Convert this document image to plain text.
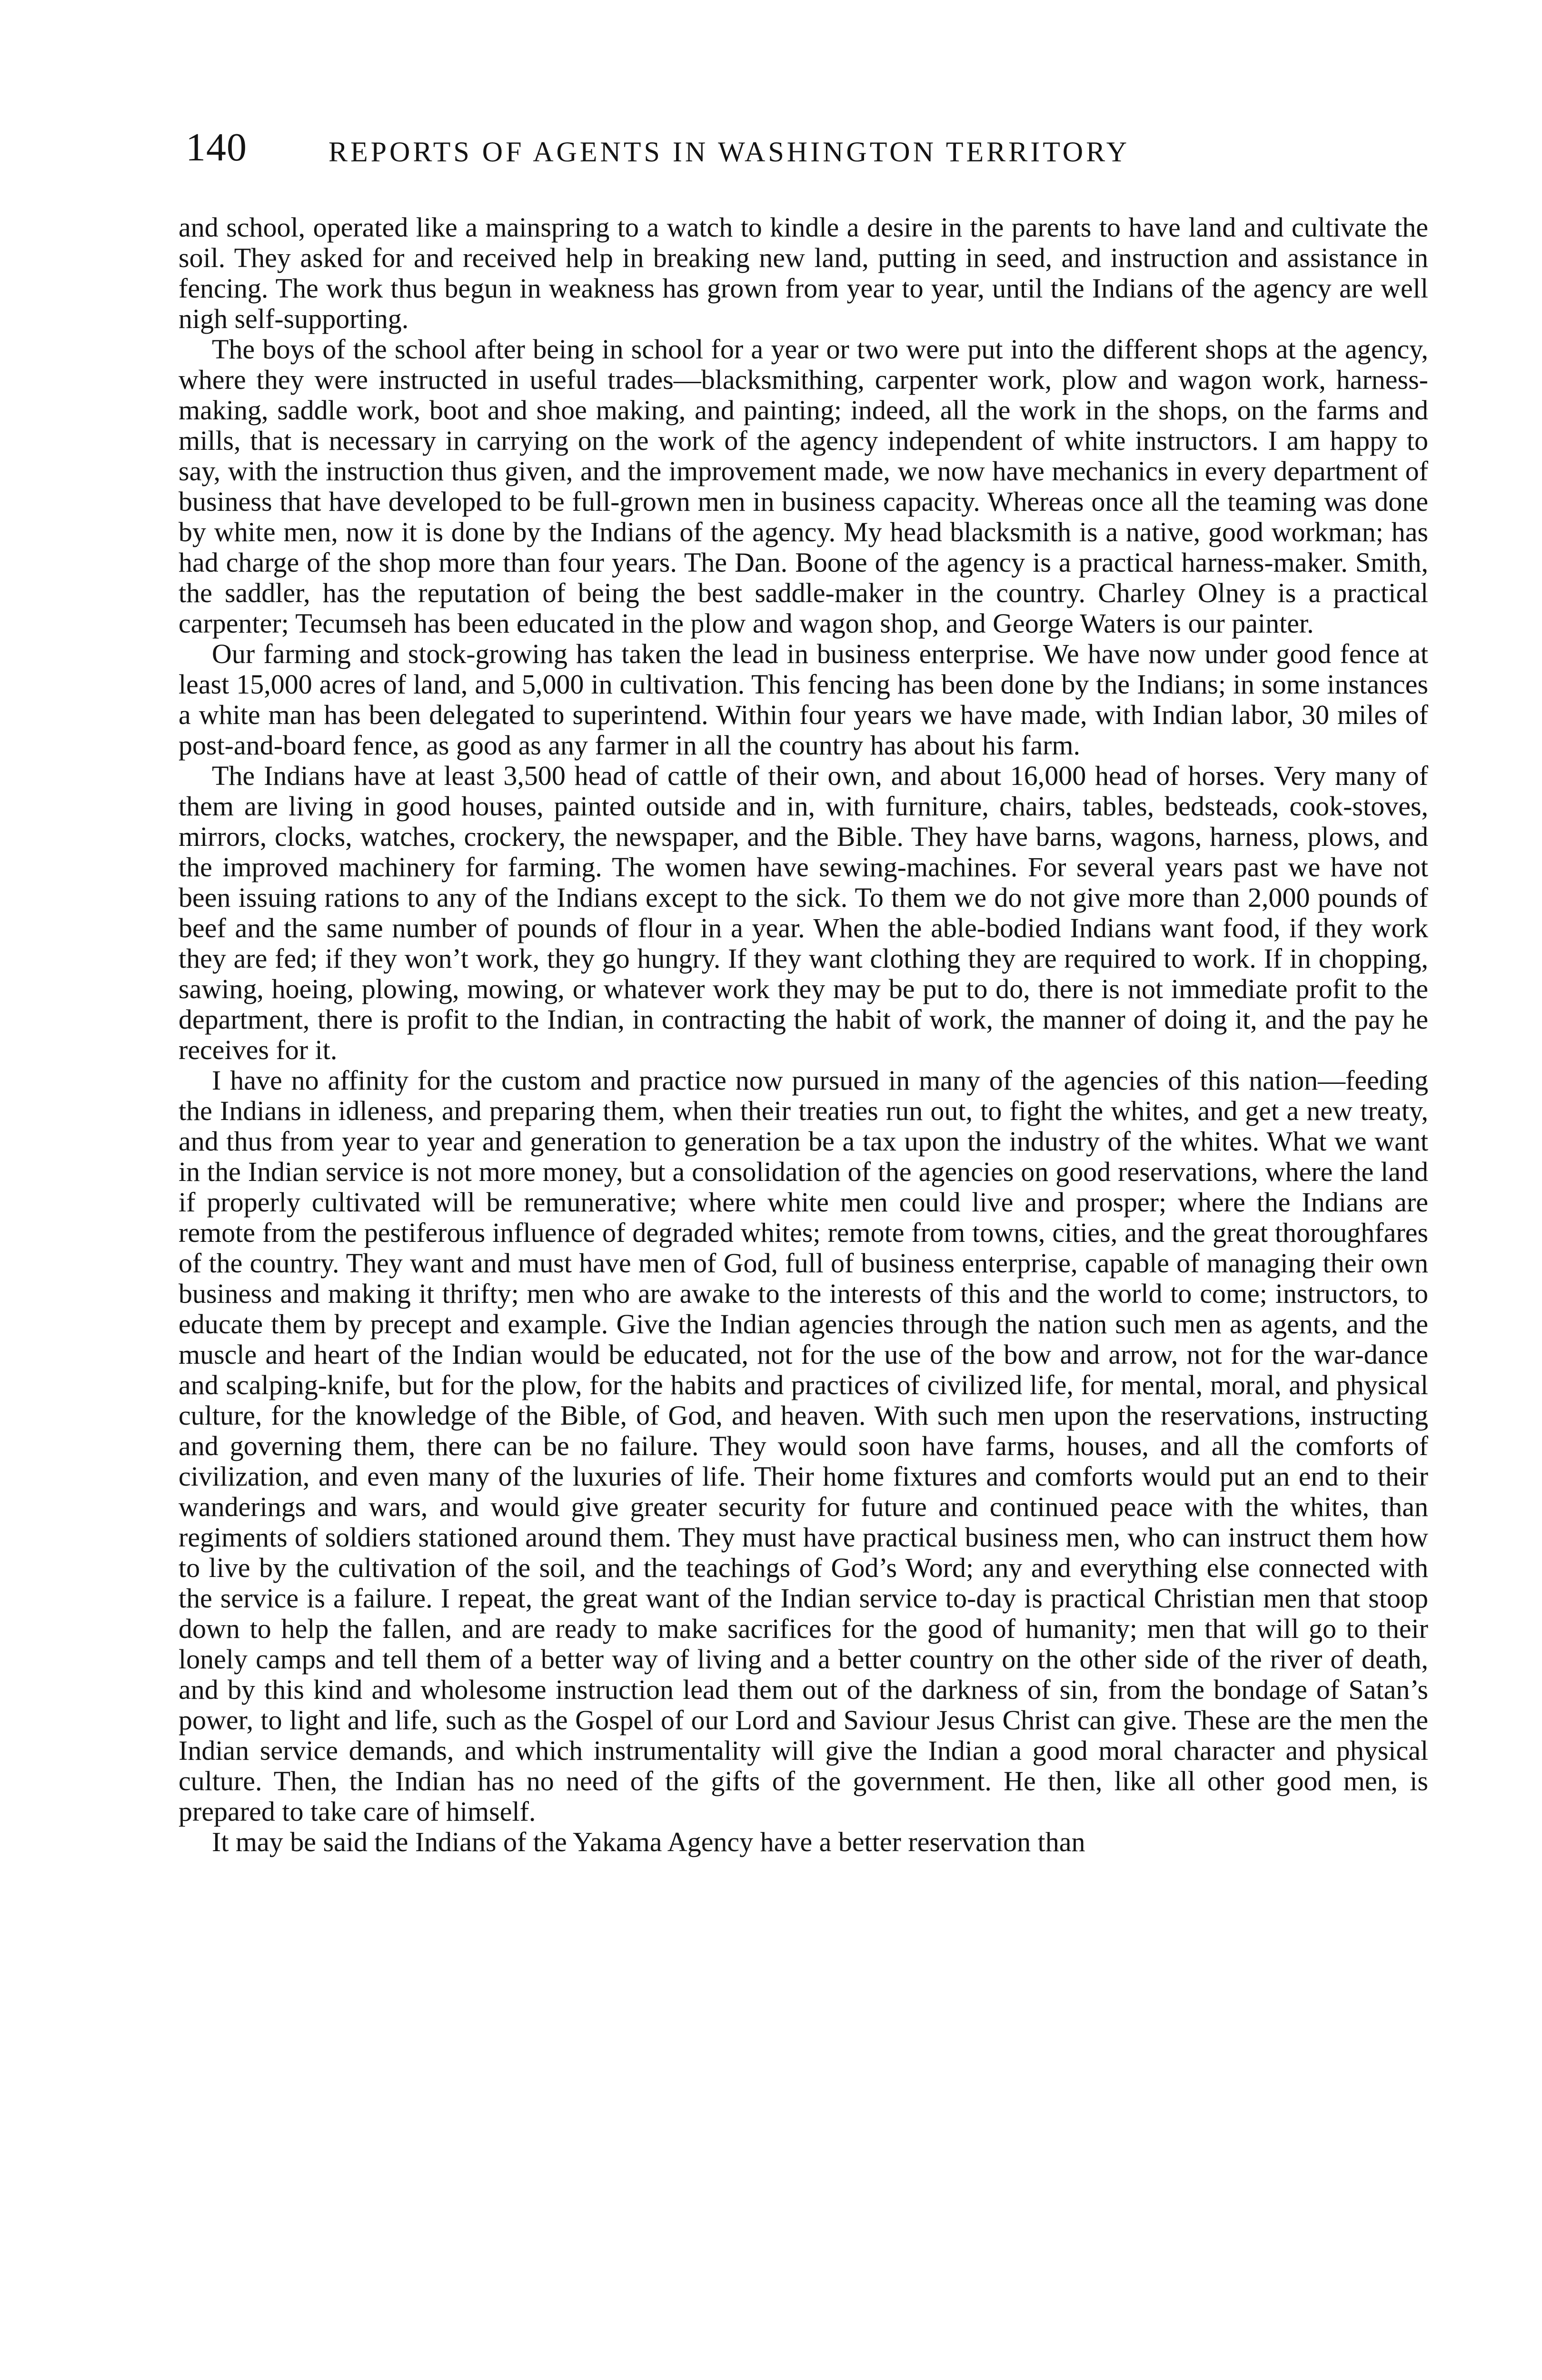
140	REPORTS OF AGENTS IN WASHINGTON TERRITORY

and school, operated like a mainspring to a watch to kindle a desire in the parents to have land and cultivate the soil. They asked for and received help in breaking new land, putting in seed, and instruction and assistance in fencing. The work thus begun in weakness has grown from year to year, until the Indians of the agency are well nigh self-supporting.

The boys of the school after being in school for a year or two were put into the different shops at the agency, where they were instructed in useful trades—blacksmithing, carpenter work, plow and wagon work, harness-making, saddle work, boot and shoe making, and painting; indeed, all the work in the shops, on the farms and mills, that is necessary in carrying on the work of the agency independent of white instructors. I am happy to say, with the instruction thus given, and the improvement made, we now have mechanics in every department of business that have developed to be full-grown men in business capacity. Whereas once all the teaming was done by white men, now it is done by the Indians of the agency. My head blacksmith is a native, good workman; has had charge of the shop more than four years. The Dan. Boone of the agency is a practical harness-maker. Smith, the saddler, has the reputation of being the best saddle-maker in the country. Charley Olney is a practical carpenter; Tecumseh has been educated in the plow and wagon shop, and George Waters is our painter.

Our farming and stock-growing has taken the lead in business enterprise. We have now under good fence at least 15,000 acres of land, and 5,000 in cultivation. This fencing has been done by the Indians; in some instances a white man has been delegated to superintend. Within four years we have made, with Indian labor, 30 miles of post-and-board fence, as good as any farmer in all the country has about his farm.

The Indians have at least 3,500 head of cattle of their own, and about 16,000 head of horses. Very many of them are living in good houses, painted outside and in, with furniture, chairs, tables, bedsteads, cook-stoves, mirrors, clocks, watches, crockery, the newspaper, and the Bible. They have barns, wagons, harness, plows, and the improved machinery for farming. The women have sewing-machines. For several years past we have not been issuing rations to any of the Indians except to the sick. To them we do not give more than 2,000 pounds of beef and the same number of pounds of flour in a year. When the able-bodied Indians want food, if they work they are fed; if they won’t work, they go hungry. If they want clothing they are required to work. If in chopping, sawing, hoeing, plowing, mowing, or whatever work they may be put to do, there is not immediate profit to the department, there is profit to the Indian, in contracting the habit of work, the manner of doing it, and the pay he receives for it.

I have no affinity for the custom and practice now pursued in many of the agencies of this nation—feeding the Indians in idleness, and preparing them, when their treaties run out, to fight the whites, and get a new treaty, and thus from year to year and generation to generation be a tax upon the industry of the whites. What we want in the Indian service is not more money, but a consolidation of the agencies on good reservations, where the land if properly cultivated will be remunerative; where white men could live and prosper; where the Indians are remote from the pestiferous influence of degraded whites; remote from towns, cities, and the great thoroughfares of the country. They want and must have men of God, full of business enterprise, capable of managing their own business and making it thrifty; men who are awake to the interests of this and the world to come; instructors, to educate them by precept and example. Give the Indian agencies through the nation such men as agents, and the muscle and heart of the Indian would be educated, not for the use of the bow and arrow, not for the war-dance and scalping-knife, but for the plow, for the habits and practices of civilized life, for mental, moral, and physical culture, for the knowledge of the Bible, of God, and heaven. With such men upon the reservations, instructing and governing them, there can be no failure. They would soon have farms, houses, and all the comforts of civilization, and even many of the luxuries of life. Their home fixtures and comforts would put an end to their wanderings and wars, and would give greater security for future and continued peace with the whites, than regiments of soldiers stationed around them. They must have practical business men, who can instruct them how to live by the cultivation of the soil, and the teachings of God’s Word; any and everything else connected with the service is a failure. I repeat, the great want of the Indian service to-day is practical Christian men that stoop down to help the fallen, and are ready to make sacrifices for the good of humanity; men that will go to their lonely camps and tell them of a better way of living and a better country on the other side of the river of death, and by this kind and wholesome instruction lead them out of the darkness of sin, from the bondage of Satan’s power, to light and life, such as the Gospel of our Lord and Saviour Jesus Christ can give. These are the men the Indian service demands, and which instrumentality will give the Indian a good moral character and physical culture. Then, the Indian has no need of the gifts of the government. He then, like all other good men, is prepared to take care of himself.

It may be said the Indians of the Yakama Agency have a better reservation than
